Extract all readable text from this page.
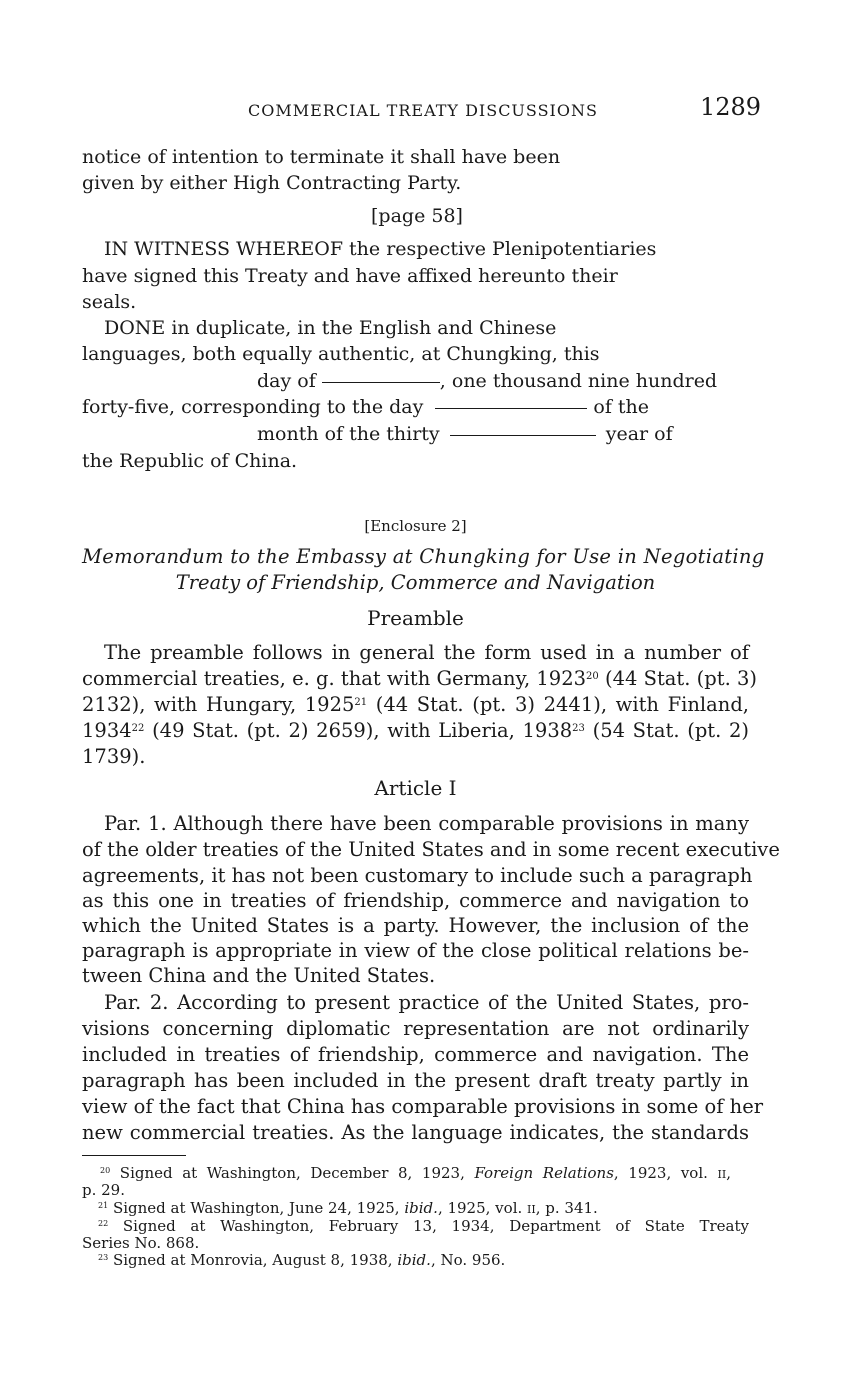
COMMERCIAL TREATY DISCUSSIONS	1289
notice of intention to terminate it shall have been
given by either High Contracting Party.
[page 58]
IN WITNESS WHEREOF the respective Plenipotentiaries
have signed this Treaty and have affixed hereunto their
seals.
DONE in duplicate, in the English and Chinese
languages, both equally authentic, at Chungking, this
day of	, one thousand nine hundred
forty-five, corresponding to the day	of the
month of the thirty	year of
the Republic of China.
[Enclosure 2]
Memorandum to the Embassy at Chungking for Use in Negotiating
Treaty of Friendship, Commerce and Navigation
Preamble
The preamble follows in general the form used in a number of
commercial treaties, e. g. that with Germany, 1923$^{20}$ (44 Stat. (pt. 3)
2132), with Hungary, 1925$^{21}$ (44 Stat. (pt. 3) 2441), with Finland,
1934$^{22}$ (49 Stat. (pt. 2) 2659), with Liberia, 1938$^{23}$ (54 Stat. (pt. 2)
1739).
Article I
Par. 1. Although there have been comparable provisions in many
of the older treaties of the United States and in some recent executive
agreements, it has not been customary to include such a paragraph
as this one in treaties of friendship, commerce and navigation to
which the United States is a party. However, the inclusion of the
paragraph is appropriate in view of the close political relations be-
tween China and the United States.
Par. 2. According to present practice of the United States, pro-
visions concerning diplomatic representation are not ordinarily
included in treaties of friendship, commerce and navigation. The
paragraph has been included in the present draft treaty partly in
view of the fact that China has comparable provisions in some of her
new commercial treaties. As the language indicates, the standards
$^{20}$ Signed at Washington, December 8, 1923, Foreign Relations, 1923, vol. ii,
p. 29.
$^{21}$ Signed at Washington, June 24, 1925, ibid., 1925, vol. ii, p. 341.
$^{22}$ Signed at Washington, February 13, 1934, Department of State Treaty
Series No. 868.
$^{23}$ Signed at Monrovia, August 8, 1938, ibid., No. 956.
